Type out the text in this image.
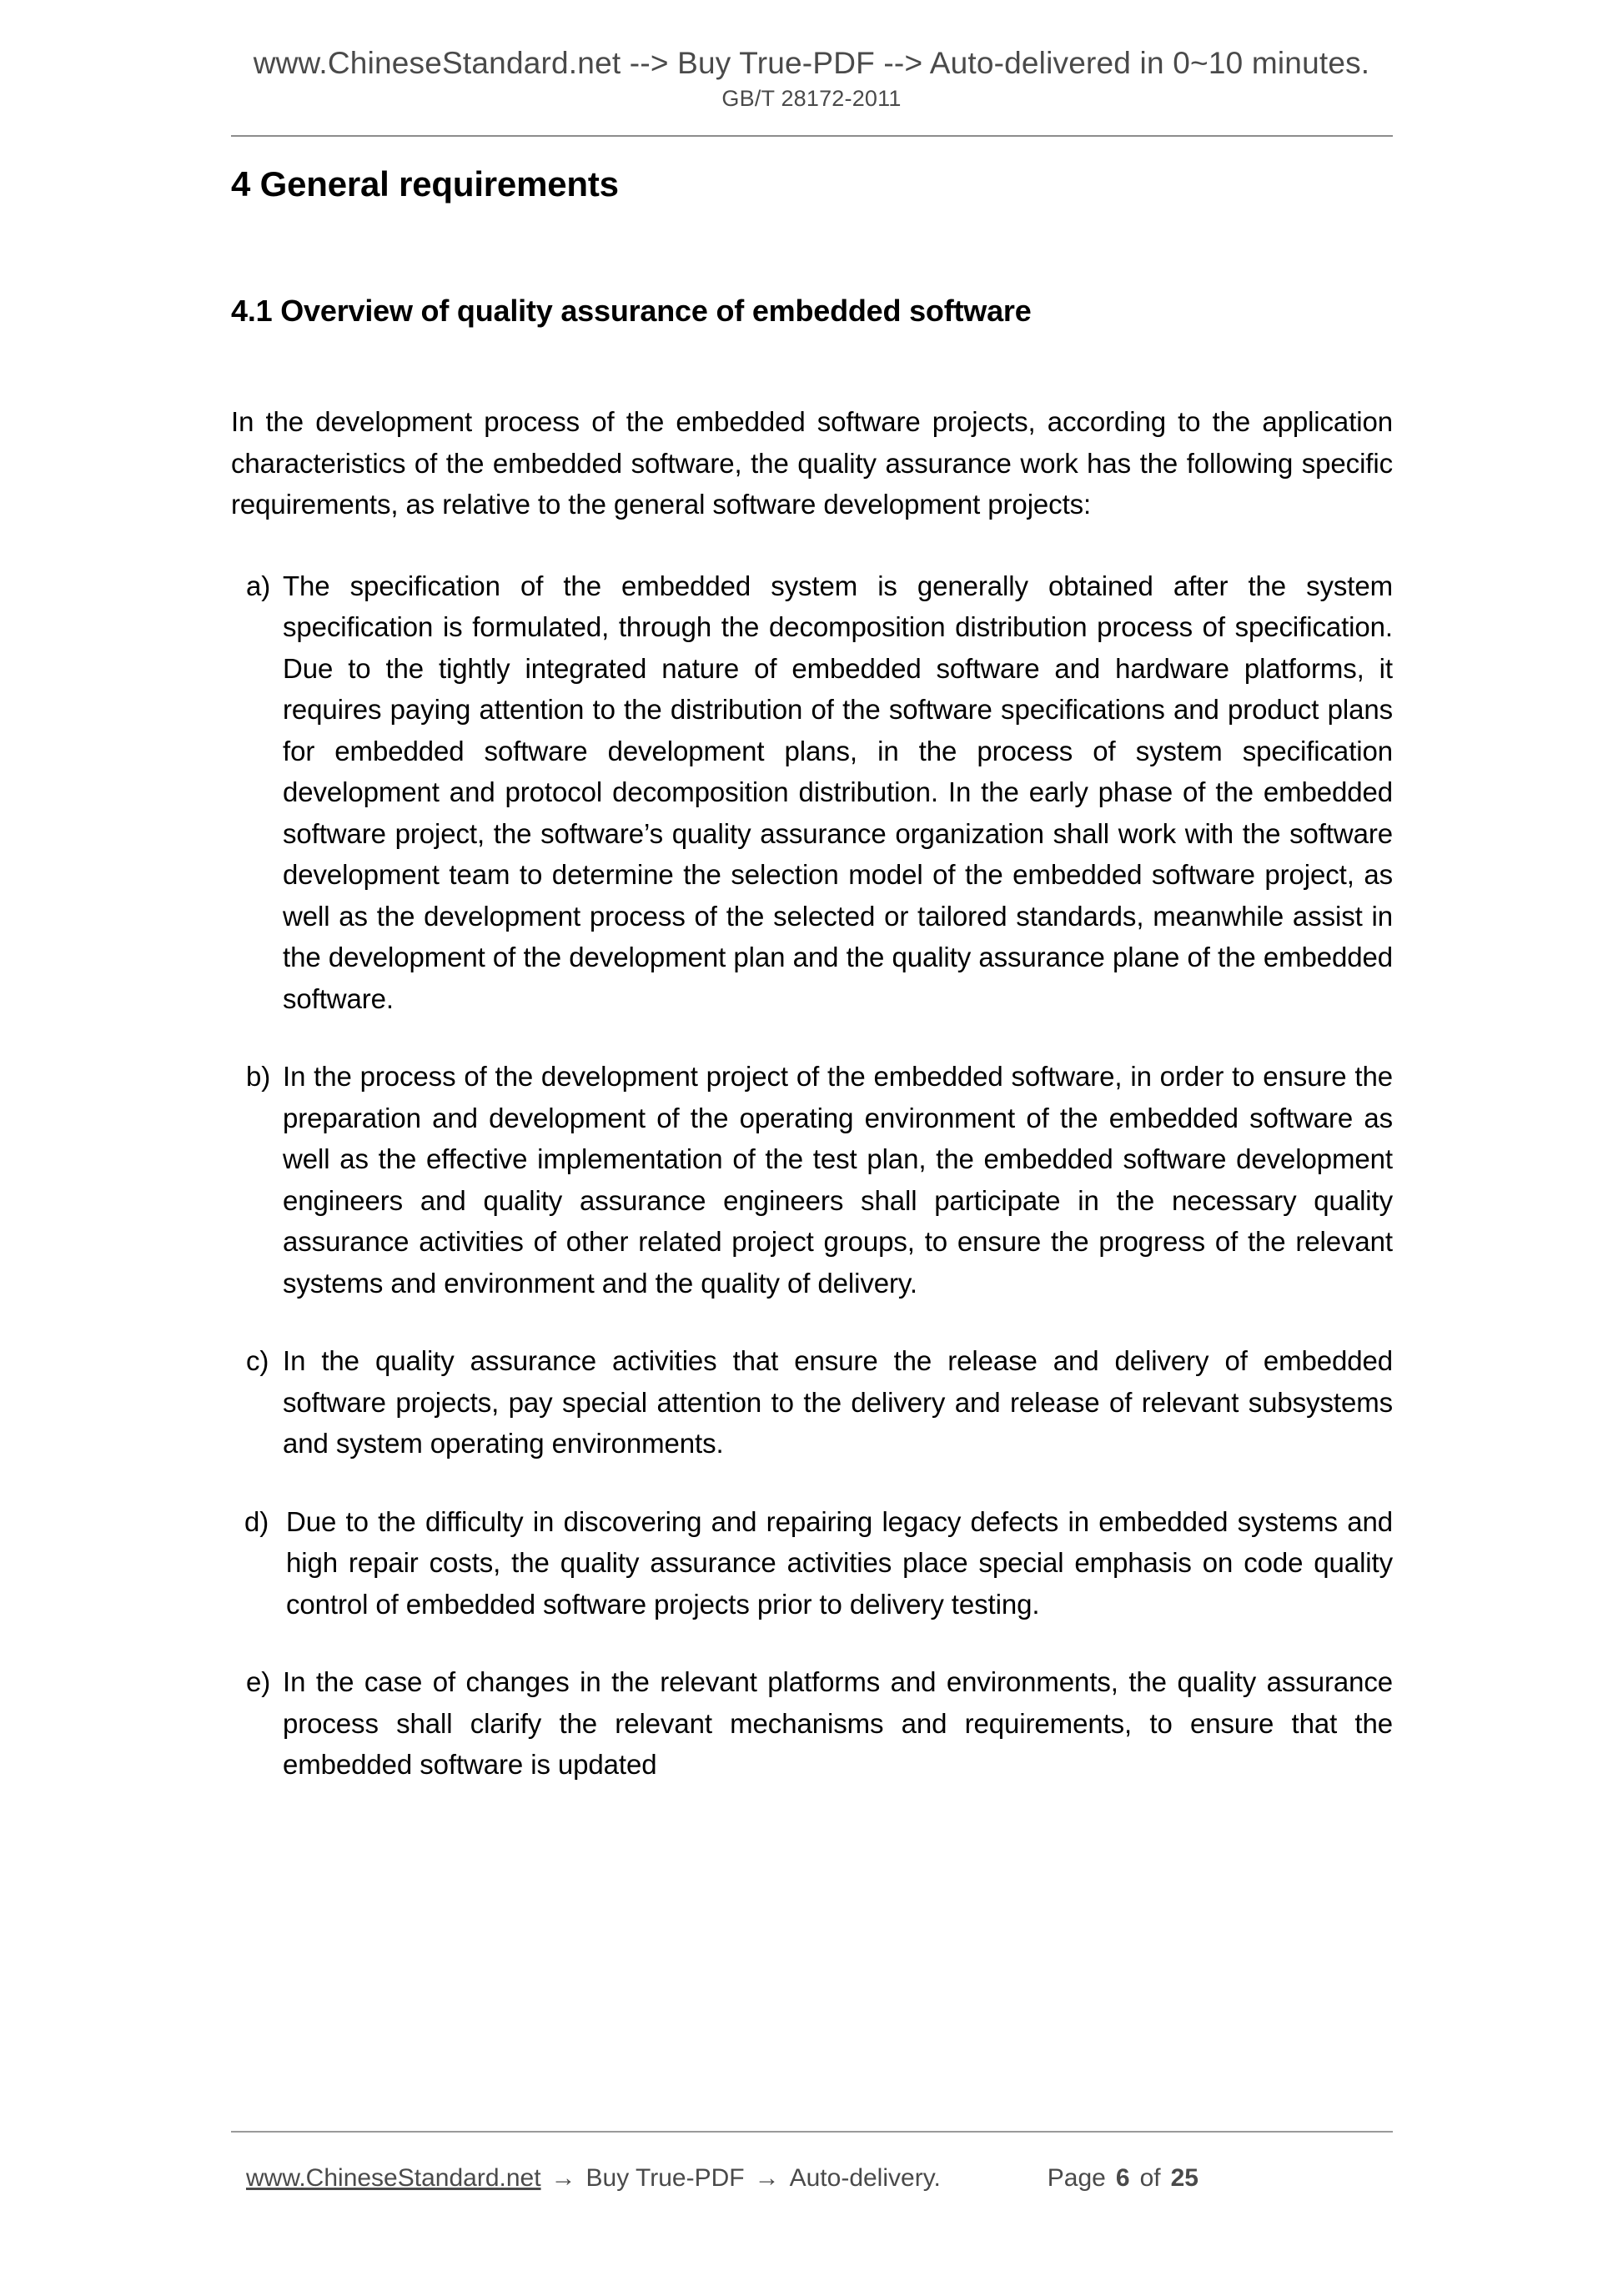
www.ChineseStandard.net --> Buy True-PDF --> Auto-delivered in 0~10 minutes.
GB/T 28172-2011
4 General requirements
4.1 Overview of quality assurance of embedded software

In the development process of the embedded software projects, according to the application characteristics of the embedded software, the quality assurance work has the following specific requirements, as relative to the general software development projects:

a) The specification of the embedded system is generally obtained after the system specification is formulated, through the decomposition distribution process of specification. Due to the tightly integrated nature of embedded software and hardware platforms, it requires paying attention to the distribution of the software specifications and product plans for embedded software development plans, in the process of system specification development and protocol decomposition distribution. In the early phase of the embedded software project, the software’s quality assurance organization shall work with the software development team to determine the selection model of the embedded software project, as well as the development process of the selected or tailored standards, meanwhile assist in the development of the development plan and the quality assurance plane of the embedded software.
b) In the process of the development project of the embedded software, in order to ensure the preparation and development of the operating environment of the embedded software as well as the effective implementation of the test plan, the embedded software development engineers and quality assurance engineers shall participate in the necessary quality assurance activities of other related project groups, to ensure the progress of the relevant systems and environment and the quality of delivery.
c) In the quality assurance activities that ensure the release and delivery of embedded software projects, pay special attention to the delivery and release of relevant subsystems and system operating environments.
d) Due to the difficulty in discovering and repairing legacy defects in embedded systems and high repair costs, the quality assurance activities place special emphasis on code quality control of embedded software projects prior to delivery testing.
e) In the case of changes in the relevant platforms and environments, the quality assurance process shall clarify the relevant mechanisms and requirements, to ensure that the embedded software is updated
www.ChineseStandard.net → Buy True-PDF → Auto-delivery.	Page 6 of 25
